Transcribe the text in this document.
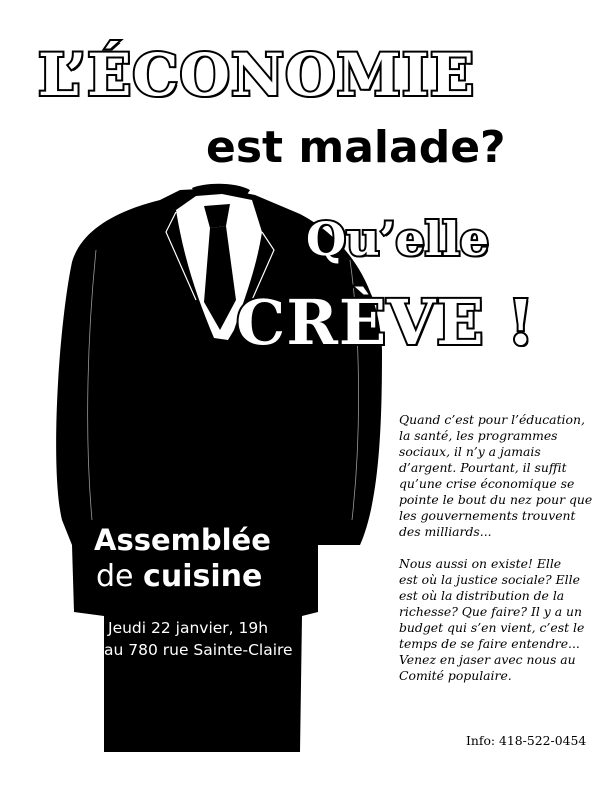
L’ÉCONOMIE
est malade?
Qu’elle
CRÈVE !
Assemblée
de cuisine
Jeudi 22 janvier, 19h
au 780 rue Sainte-Claire
Quand c’est pour l’éducation,
la santé, les programmes
sociaux, il n’y a jamais
d’argent. Pourtant, il suffit
qu’une crise économique se
pointe le bout du nez pour que
les gouvernements trouvent
des milliards...
Nous aussi on existe! Elle
est où la justice sociale? Elle
est où la distribution de la
richesse? Que faire? Il y a un
budget qui s’en vient, c’est le
temps de se faire entendre...
Venez en jaser avec nous au
Comité populaire.
Info: 418-522-0454
